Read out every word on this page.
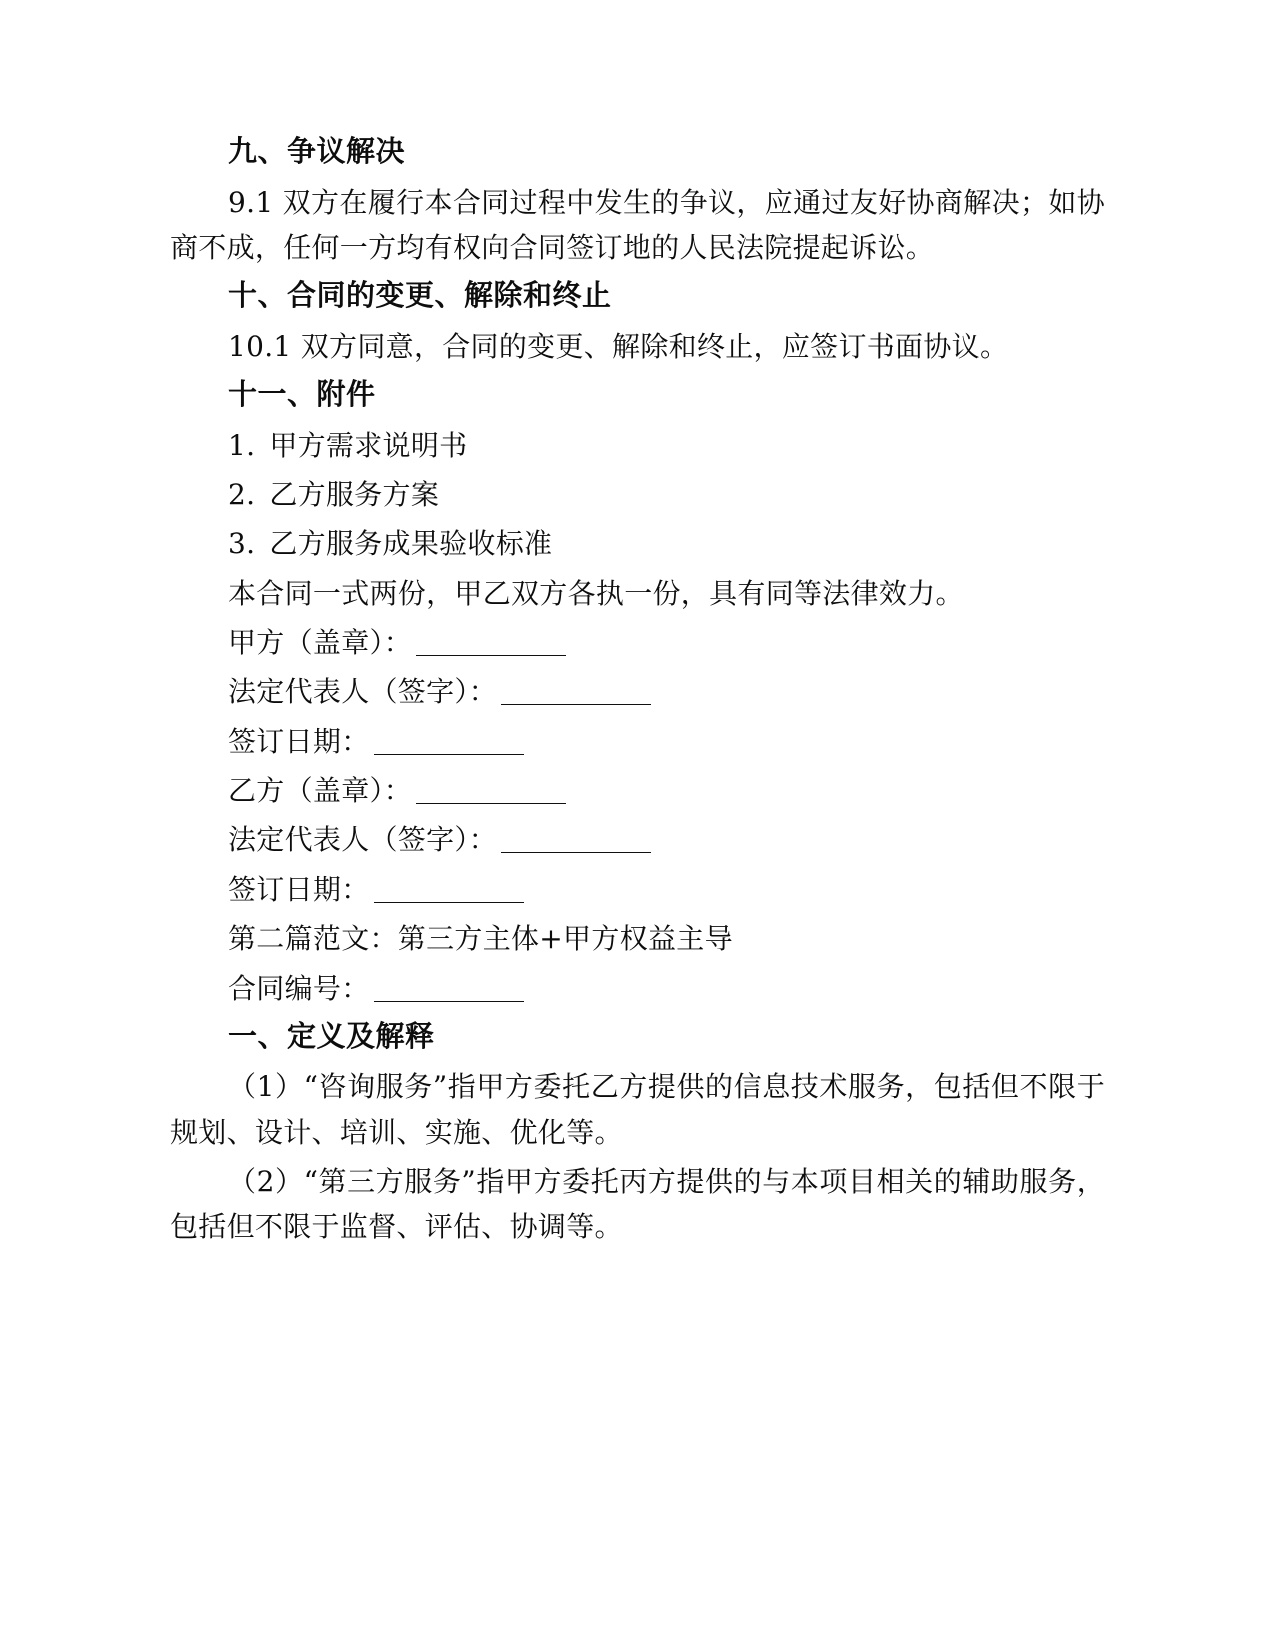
九、争议解决
9.1 双方在履行本合同过程中发生的争议，应通过友好协商解决；如协商不成，任何一方均有权向合同签订地的人民法院提起诉讼。
十、合同的变更、解除和终止
10.1 双方同意，合同的变更、解除和终止，应签订书面协议。
十一、附件
1. 甲方需求说明书
2. 乙方服务方案
3. 乙方服务成果验收标准
本合同一式两份，甲乙双方各执一份，具有同等法律效力。
甲方（盖章）：
法定代表人（签字）：
签订日期：
乙方（盖章）：
法定代表人（签字）：
签订日期：
第二篇范文：第三方主体+甲方权益主导
合同编号：
一、定义及解释
（1）“咨询服务”指甲方委托乙方提供的信息技术服务，包括但不限于规划、设计、培训、实施、优化等。
（2）“第三方服务”指甲方委托丙方提供的与本项目相关的辅助服务，包括但不限于监督、评估、协调等。
